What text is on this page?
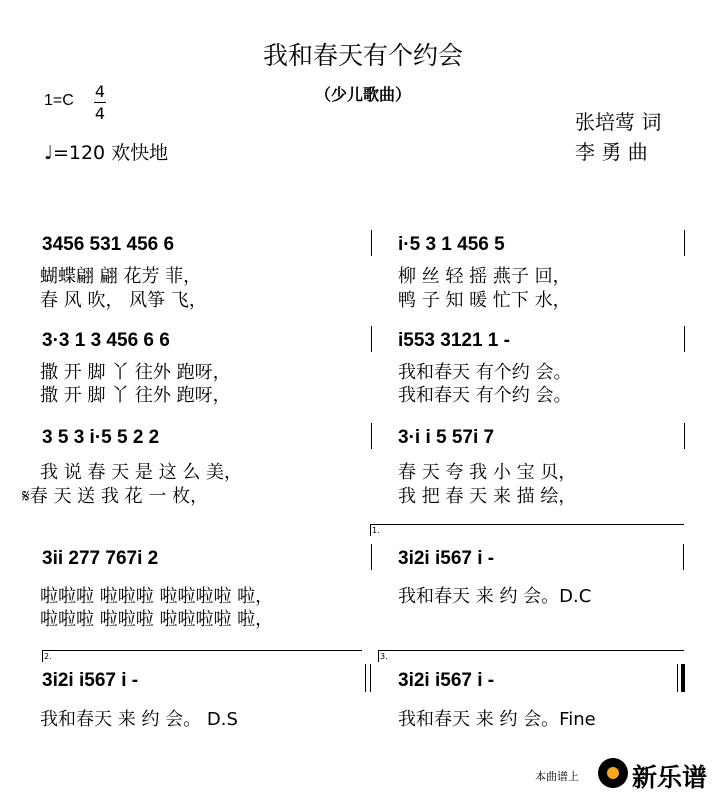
我和春天有个约会
（少儿歌曲）
1=C 4
4
♩=120 欢快地
张培莺 词
李 勇 曲
3456 531 456 6	i·5 3 1 456 5
蝴蝶翩 翩 花芳 菲，	柳 丝 轻 摇 燕子 回，
春 风 吹， 风筝 飞，	鸭 子 知 暖 忙下 水，
3·3 1 3 456 6 6	i553 3121 1 -
撒 开 脚 丫 往外 跑呀，	我和春天 有个约 会。
撒 开 脚 丫 往外 跑呀，	我和春天 有个约 会。
3 5 3 i·5 5 2 2	3·i i 5 57i 7
我 说 春 天 是 这 么 美，	春 天 夸 我 小 宝 贝，
𝄋春 天 送 我 花 一 枚，	我 把 春 天 来 描 绘，
1.
3ii 277 767i 2	3i2i i567 i -
啦啦啦 啦啦啦 啦啦啦啦 啦，	我和春天 来 约 会。D.C
啦啦啦 啦啦啦 啦啦啦啦 啦，
2.	3.
3i2i i567 i -	3i2i i567 i -
我和春天 来 约 会。 D.S	我和春天 来 约 会。Fine
本曲谱上 新乐谱
